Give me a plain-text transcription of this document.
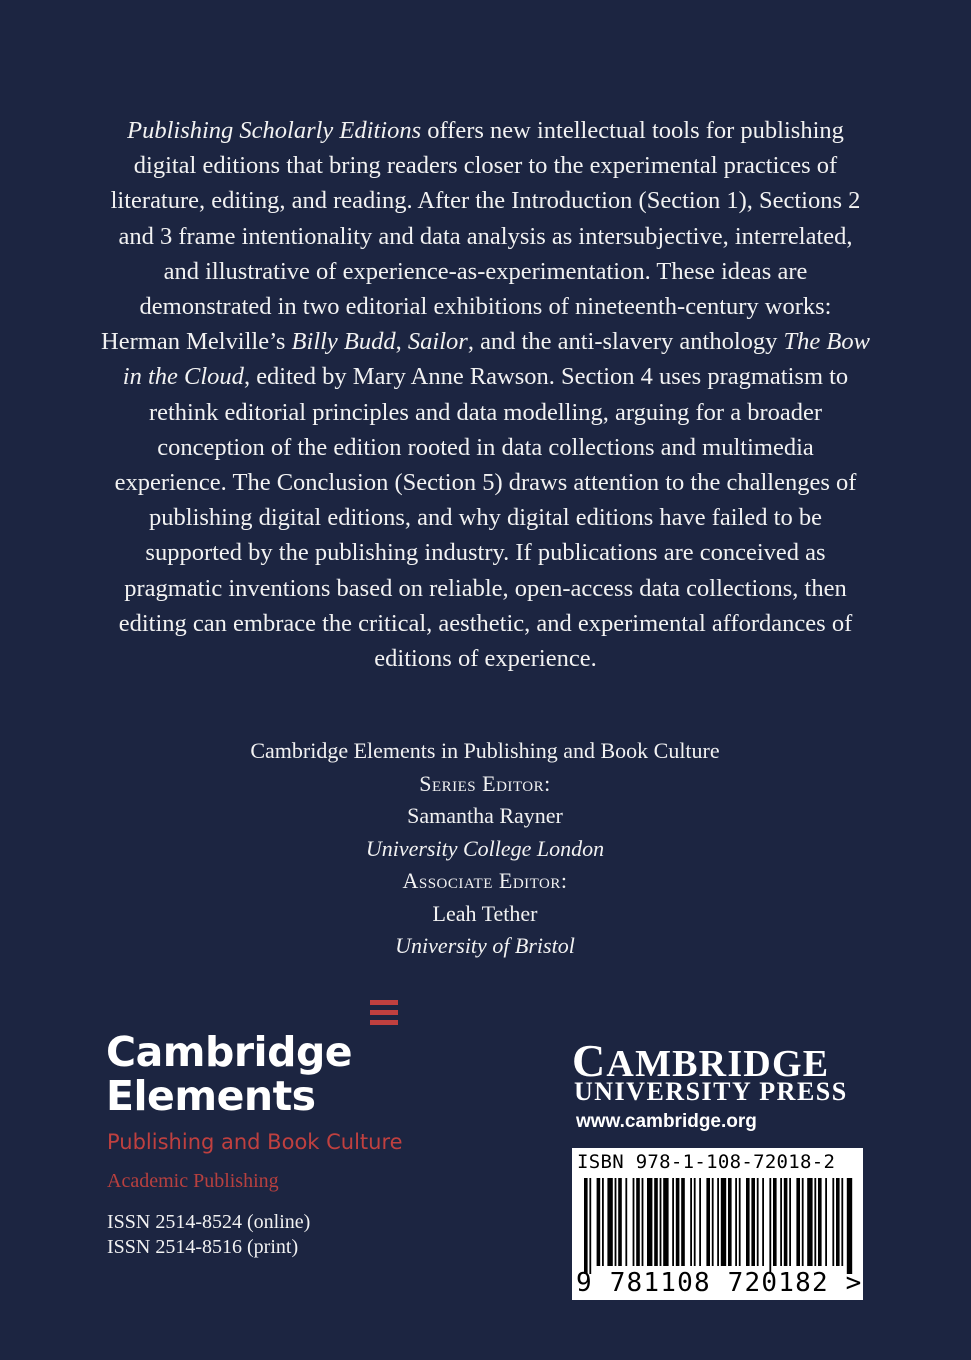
Publishing Scholarly Editions offers new intellectual tools for publishing digital editions that bring readers closer to the experimental practices of literature, editing, and reading. After the Introduction (Section 1), Sections 2 and 3 frame intentionality and data analysis as intersubjective, interrelated, and illustrative of experience-as-experimentation. These ideas are demonstrated in two editorial exhibitions of nineteenth-century works: Herman Melville’s Billy Budd, Sailor, and the anti-slavery anthology The Bow in the Cloud, edited by Mary Anne Rawson. Section 4 uses pragmatism to rethink editorial principles and data modelling, arguing for a broader conception of the edition rooted in data collections and multimedia experience. The Conclusion (Section 5) draws attention to the challenges of publishing digital editions, and why digital editions have failed to be supported by the publishing industry. If publications are conceived as pragmatic inventions based on reliable, open-access data collections, then editing can embrace the critical, aesthetic, and experimental affordances of editions of experience.

Cambridge Elements in Publishing and Book Culture
Series Editor:
Samantha Rayner
University College London
Associate Editor:
Leah Tether
University of Bristol
Cambridge
Elements
Publishing and Book Culture
Academic Publishing
ISSN 2514-8524 (online)
ISSN 2514-8516 (print)
CAMBRIDGE
UNIVERSITY PRESS
www.cambridge.org
ISBN 978-1-108-72018-2
9 781108 720182 >
